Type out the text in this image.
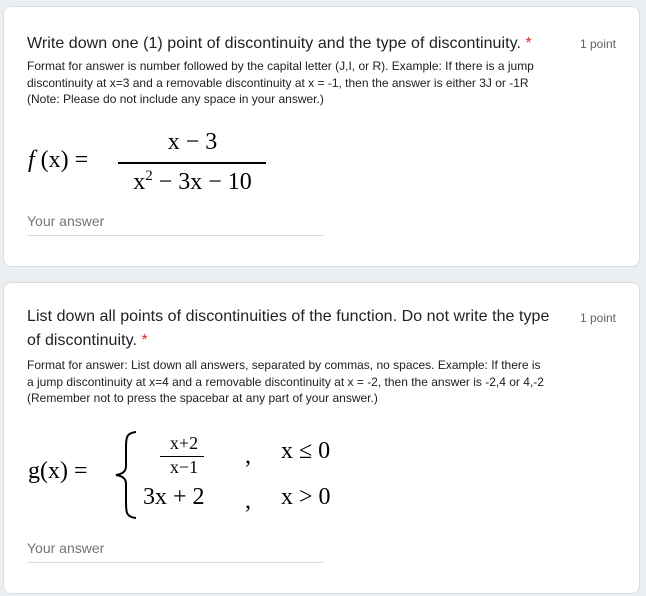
Write down one (1) point of discontinuity and the type of discontinuity. *	1 point
Format for answer is number followed by the capital letter (J,I, or R). Example: If there is a jump
discontinuity at x=3 and a removable discontinuity at x = -1, then the answer is either 3J or -1R
(Note: Please do not include any space in your answer.)
f (x) =
x − 3
$x^2 - 3x - 10$
Your answer
List down all points of discontinuities of the function. Do not write the type
of discontinuity. *
1 point
Format for answer: List down all answers, separated by commas, no spaces. Example: If there is
a jump discontinuity at x=4 and a removable discontinuity at x = -2, then the answer is -2,4 or 4,-2
(Remember not to press the spacebar at any part of your answer.)
g(x) =
x+2
x−1	, x ≤ 0
3x + 2 , x > 0
Your answer
